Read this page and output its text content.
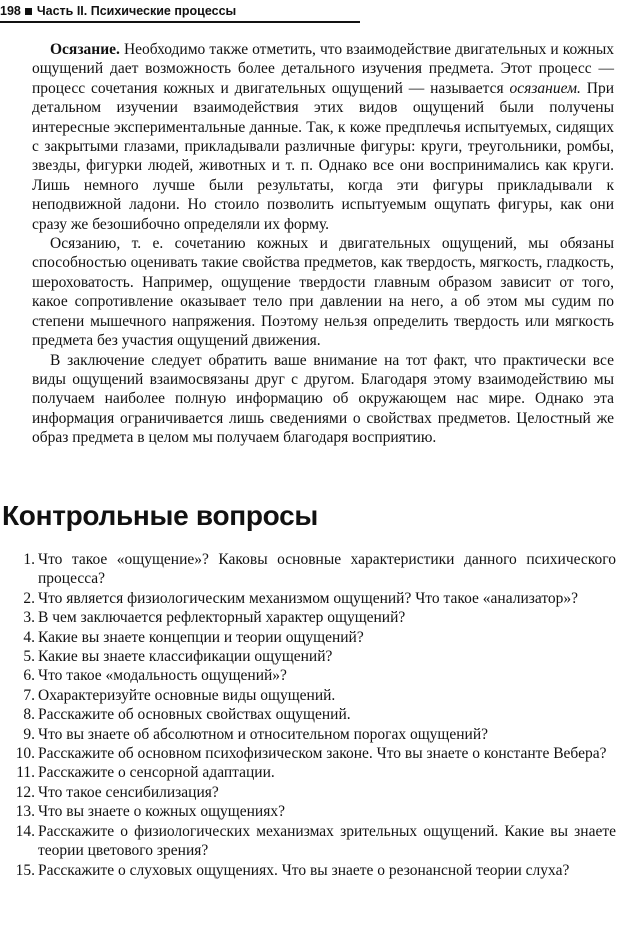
198 Часть II. Психические процессы

Осязание. Необходимо также отметить, что взаимодействие двигательных и кожных ощущений дает возможность более детального изучения предмета. Этот процесс — процесс сочетания кожных и двигательных ощущений — называется осязанием. При детальном изучении взаимодействия этих видов ощущений были получены интересные экспериментальные данные. Так, к коже предплечья испытуемых, сидящих с закрытыми глазами, прикладывали различные фигуры: круги, треугольники, ромбы, звезды, фигурки людей, животных и т. п. Однако все они воспринимались как круги. Лишь немного лучше были результаты, когда эти фигуры прикладывали к неподвижной ладони. Но стоило позволить испытуемым ощупать фигуры, как они сразу же безошибочно определяли их форму.

Осязанию, т. е. сочетанию кожных и двигательных ощущений, мы обязаны способностью оценивать такие свойства предметов, как твердость, мягкость, гладкость, шероховатость. Например, ощущение твердости главным образом зависит от того, какое сопротивление оказывает тело при давлении на него, а об этом мы судим по степени мышечного напряжения. Поэтому нельзя определить твердость или мягкость предмета без участия ощущений движения.

В заключение следует обратить ваше внимание на тот факт, что практически все виды ощущений взаимосвязаны друг с другом. Благодаря этому взаимодействию мы получаем наиболее полную информацию об окружающем нас мире. Однако эта информация ограничивается лишь сведениями о свойствах предметов. Целостный же образ предмета в целом мы получаем благодаря восприятию.

Контрольные вопросы
1. Что такое «ощущение»? Каковы основные характеристики данного психического процесса?
2. Что является физиологическим механизмом ощущений? Что такое «анализатор»?
3. В чем заключается рефлекторный характер ощущений?
4. Какие вы знаете концепции и теории ощущений?
5. Какие вы знаете классификации ощущений?
6. Что такое «модальность ощущений»?
7. Охарактеризуйте основные виды ощущений.
8. Расскажите об основных свойствах ощущений.
9. Что вы знаете об абсолютном и относительном порогах ощущений?
10. Расскажите об основном психофизическом законе. Что вы знаете о константе Вебера?
11. Расскажите о сенсорной адаптации.
12. Что такое сенсибилизация?
13. Что вы знаете о кожных ощущениях?
14. Расскажите о физиологических механизмах зрительных ощущений. Какие вы знаете теории цветового зрения?
15. Расскажите о слуховых ощущениях. Что вы знаете о резонансной теории слуха?
